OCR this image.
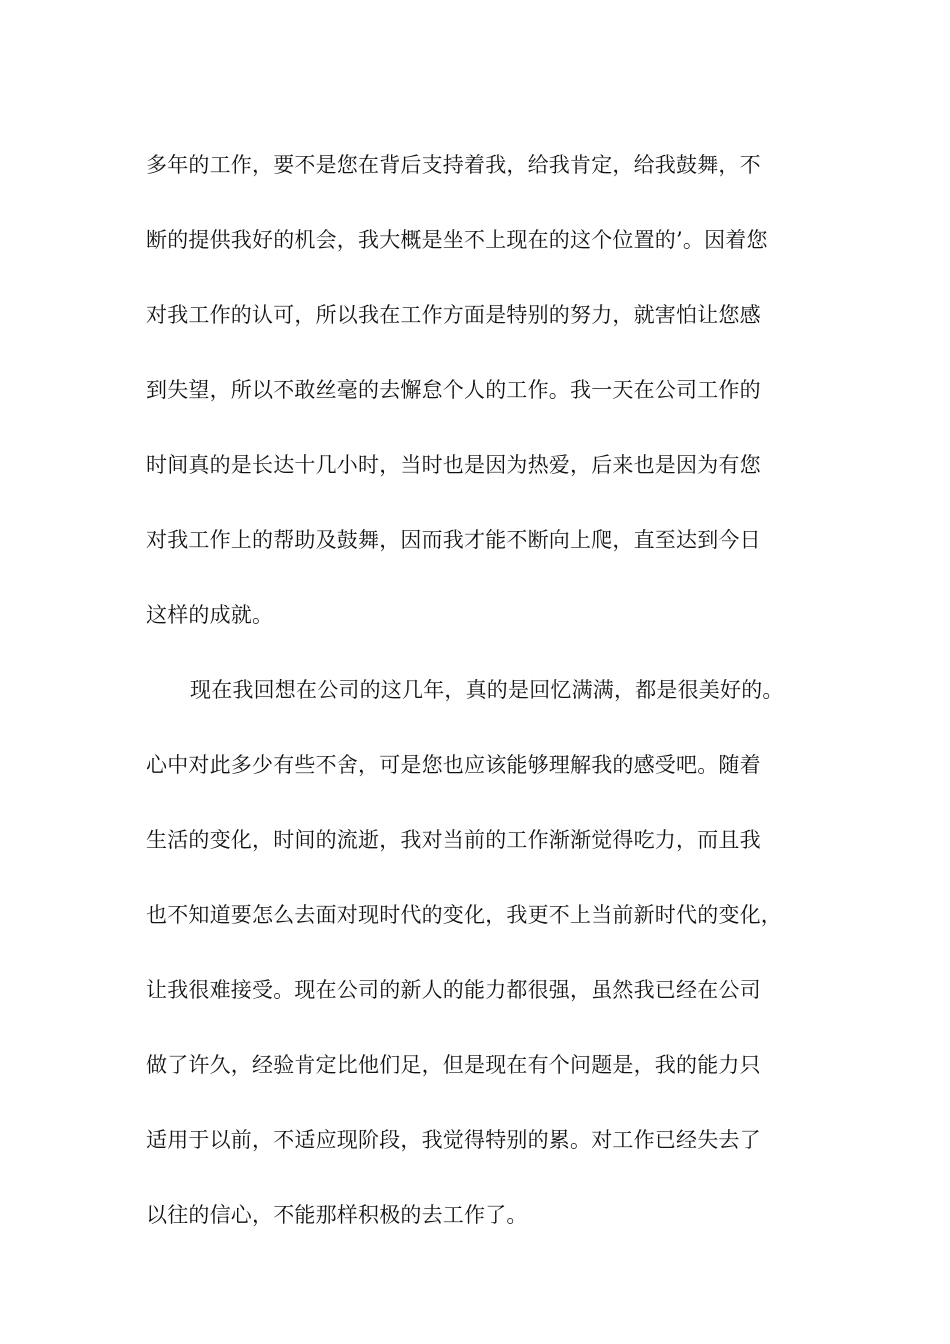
多年的工作，要不是您在背后支持着我，给我肯定，给我鼓舞，不
断的提供我好的机会，我大概是坐不上现在的这个位置的’。因着您
对我工作的认可，所以我在工作方面是特别的努力，就害怕让您感
到失望，所以不敢丝毫的去懈怠个人的工作。我一天在公司工作的
时间真的是长达十几小时，当时也是因为热爱，后来也是因为有您
对我工作上的帮助及鼓舞，因而我才能不断向上爬，直至达到今日
这样的成就。
现在我回想在公司的这几年，真的是回忆满满，都是很美好的。
心中对此多少有些不舍，可是您也应该能够理解我的感受吧。随着
生活的变化，时间的流逝，我对当前的工作渐渐觉得吃力，而且我
也不知道要怎么去面对现时代的变化，我更不上当前新时代的变化，
让我很难接受。现在公司的新人的能力都很强，虽然我已经在公司
做了许久，经验肯定比他们足，但是现在有个问题是，我的能力只
适用于以前，不适应现阶段，我觉得特别的累。对工作已经失去了
以往的信心，不能那样积极的去工作了。
